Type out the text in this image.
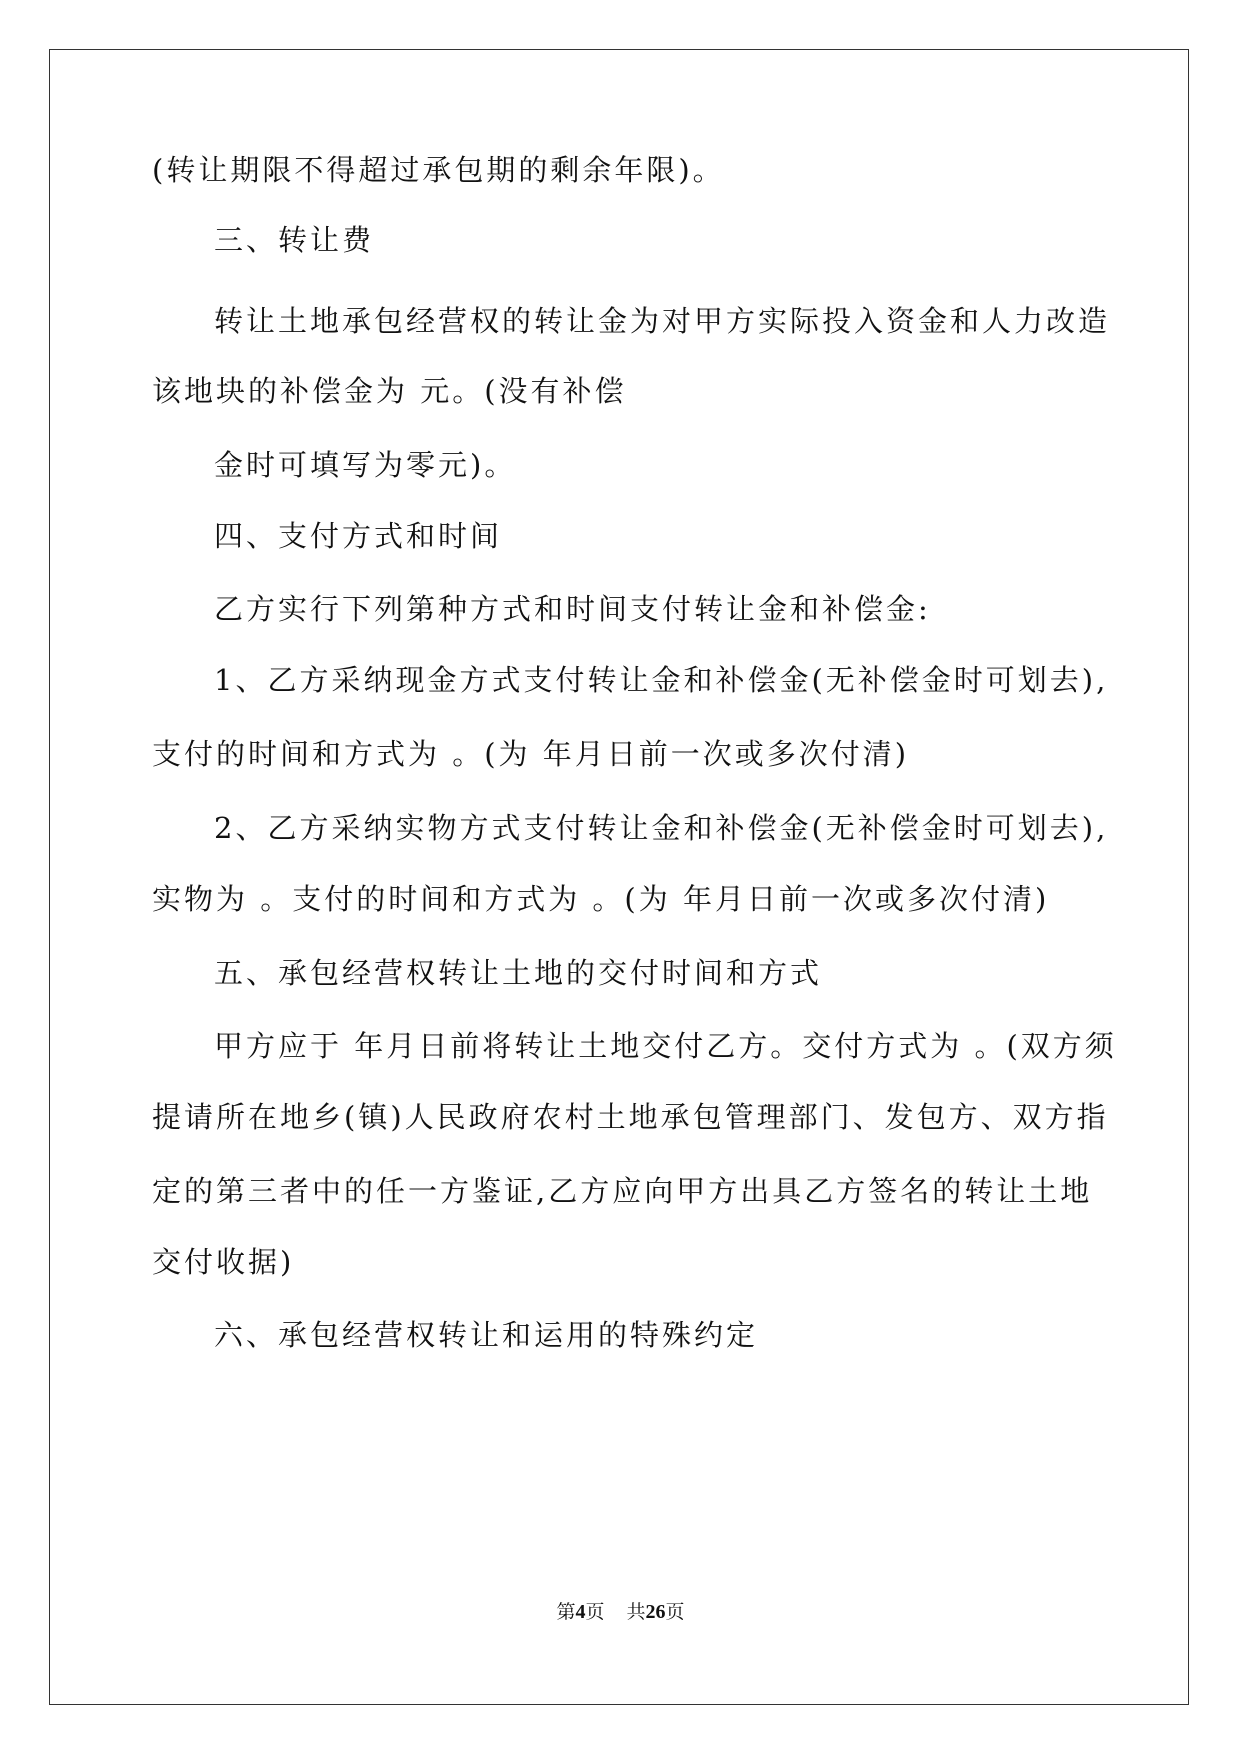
(转让期限不得超过承包期的剩余年限)。

三、转让费

转让土地承包经营权的转让金为对甲方实际投入资金和人力改造

该地块的补偿金为 元。(没有补偿

金时可填写为零元)。

四、支付方式和时间

乙方实行下列第种方式和时间支付转让金和补偿金:

1、乙方采纳现金方式支付转让金和补偿金(无补偿金时可划去),

支付的时间和方式为 。(为 年月日前一次或多次付清)

2、乙方采纳实物方式支付转让金和补偿金(无补偿金时可划去),

实物为 。支付的时间和方式为 。(为 年月日前一次或多次付清)

五、承包经营权转让土地的交付时间和方式

甲方应于 年月日前将转让土地交付乙方。交付方式为 。(双方须

提请所在地乡(镇)人民政府农村土地承包管理部门、发包方、双方指

定的第三者中的任一方鉴证,乙方应向甲方出具乙方签名的转让土地

交付收据)

六、承包经营权转让和运用的特殊约定

第4页 共26页
